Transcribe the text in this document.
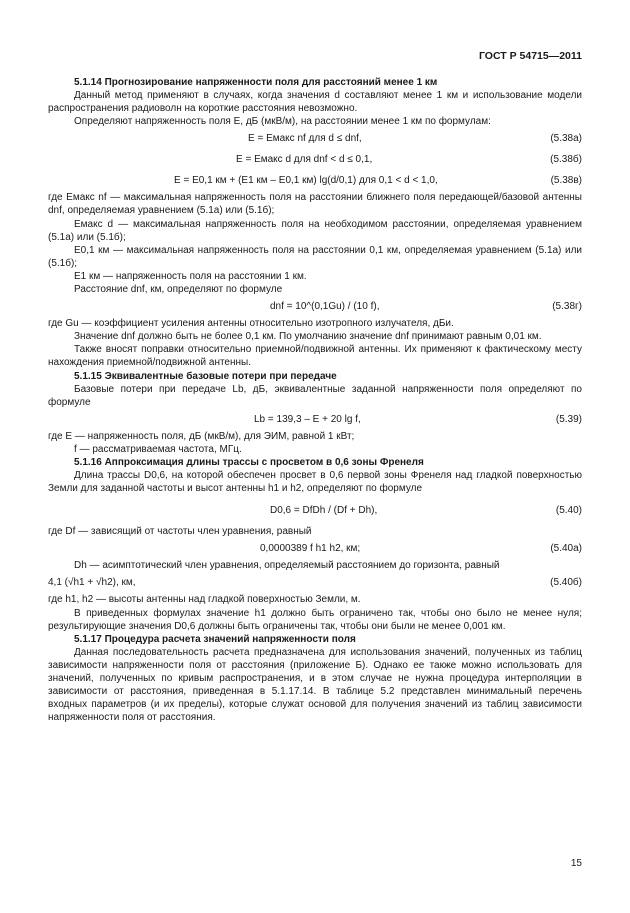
ГОСТ Р 54715—2011

5.1.14 Прогнозирование напряженности поля для расстояний менее 1 км

Данный метод применяют в случаях, когда значения d составляют менее 1 км и использование модели распространения радиоволн на короткие расстояния невозможно.

Определяют напряженность поля E, дБ (мкВ/м), на расстоянии менее 1 км по формулам:

E = Eмакс nf для d ≤ dnf,	(5.38а)
E = Eмакс d для dnf < d ≤ 0,1,	(5.38б)
E = E0,1 км + (E1 км – E0,1 км) lg(d/0,1) для 0,1 < d < 1,0,	(5.38в)

где Eмакс nf — максимальная напряженность поля на расстоянии ближнего поля передающей/базовой антенны dnf, определяемая уравнением (5.1а) или (5.1б);

Eмакс d — максимальная напряженность поля на необходимом расстоянии, определяемая уравнением (5.1а) или (5.1б);

E0,1 км — максимальная напряженность поля на расстоянии 0,1 км, определяемая уравнением (5.1а) или (5.1б);

E1 км — напряженность поля на расстоянии 1 км.

Расстояние dnf, км, определяют по формуле

dnf = 10^(0,1Gu) / (10 f),	(5.38г)

где Gu — коэффициент усиления антенны относительно изотропного излучателя, дБи.

Значение dnf должно быть не более 0,1 км. По умолчанию значение dnf принимают равным 0,01 км.

Также вносят поправки относительно приемной/подвижной антенны. Их применяют к фактическому месту нахождения приемной/подвижной антенны.

5.1.15 Эквивалентные базовые потери при передаче

Базовые потери при передаче Lb, дБ, эквивалентные заданной напряженности поля определяют по формуле

Lb = 139,3 – E + 20 lg f,	(5.39)

где E — напряженность поля, дБ (мкВ/м), для ЭИМ, равной 1 кВт;

f — рассматриваемая частота, МГц.

5.1.16 Аппроксимация длины трассы с просветом в 0,6 зоны Френеля

Длина трассы D0,6, на которой обеспечен просвет в 0,6 первой зоны Френеля над гладкой поверхностью Земли для заданной частоты и высот антенны h1 и h2, определяют по формуле

D0,6 = DfDh / (Df + Dh),	(5.40)

где Df — зависящий от частоты член уравнения, равный

0,0000389 f h1 h2, км;	(5.40а)

Dh — асимптотический член уравнения, определяемый расстоянием до горизонта, равный

4,1 (√h1 + √h2), км,	(5.40б)

где h1, h2 — высоты антенны над гладкой поверхностью Земли, м.

В приведенных формулах значение h1 должно быть ограничено так, чтобы оно было не менее нуля; результирующие значения D0,6 должны быть ограничены так, чтобы они были не менее 0,001 км.

5.1.17 Процедура расчета значений напряженности поля

Данная последовательность расчета предназначена для использования значений, полученных из таблиц зависимости напряженности поля от расстояния (приложение Б). Однако ее также можно использовать для значений, полученных по кривым распространения, и в этом случае не нужна процедура интерполяции в зависимости от расстояния, приведенная в 5.1.17.14. В таблице 5.2 представлен минимальный перечень входных параметров (и их пределы), которые служат основой для получения значений из таблиц зависимости напряженности поля от расстояния.

15
